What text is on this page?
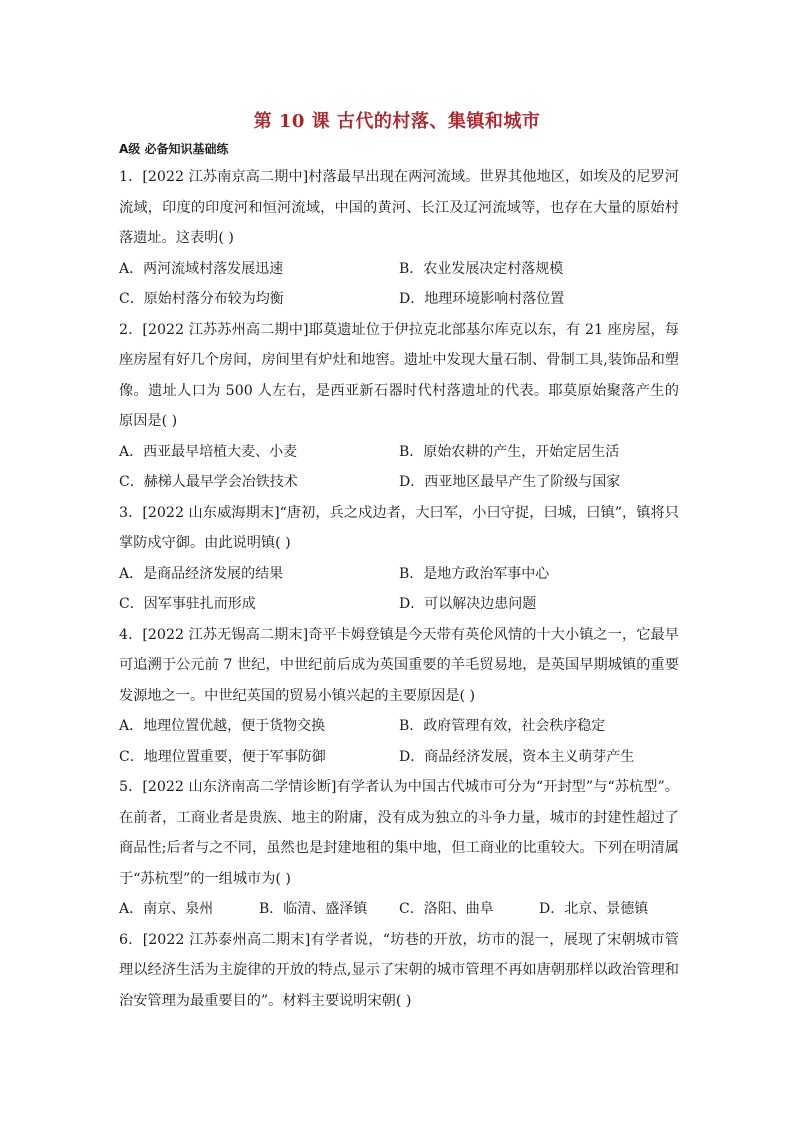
第 10 课 古代的村落、集镇和城市
A级 必备知识基础练
1．[2022 江苏南京高二期中]村落最早出现在两河流域。世界其他地区，如埃及的尼罗河流域，印度的印度河和恒河流域，中国的黄河、长江及辽河流域等，也存在大量的原始村落遗址。这表明( )
A．两河流域村落发展迅速	B．农业发展决定村落规模
C．原始村落分布较为均衡	D．地理环境影响村落位置
2．[2022 江苏苏州高二期中]耶莫遗址位于伊拉克北部基尔库克以东，有 21 座房屋，每座房屋有好几个房间，房间里有炉灶和地窖。遗址中发现大量石制、骨制工具,装饰品和塑像。遗址人口为 500 人左右，是西亚新石器时代村落遗址的代表。耶莫原始聚落产生的原因是( )
A．西亚最早培植大麦、小麦	B．原始农耕的产生，开始定居生活
C．赫梯人最早学会冶铁技术	D．西亚地区最早产生了阶级与国家
3．[2022 山东威海期末]“唐初，兵之戍边者，大曰军，小曰守捉，曰城，曰镇”，镇将只掌防戍守御。由此说明镇( )
A．是商品经济发展的结果	B．是地方政治军事中心
C．因军事驻扎而形成	D．可以解决边患问题
4．[2022 江苏无锡高二期末]奇平卡姆登镇是今天带有英伦风情的十大小镇之一，它最早可追溯于公元前 7 世纪，中世纪前后成为英国重要的羊毛贸易地，是英国早期城镇的重要发源地之一。中世纪英国的贸易小镇兴起的主要原因是( )
A．地理位置优越，便于货物交换	B．政府管理有效，社会秩序稳定
C．地理位置重要，便于军事防御	D．商品经济发展，资本主义萌芽产生
5．[2022 山东济南高二学情诊断]有学者认为中国古代城市可分为“开封型”与“苏杭型”。在前者，工商业者是贵族、地主的附庸，没有成为独立的斗争力量，城市的封建性超过了商品性;后者与之不同，虽然也是封建地租的集中地，但工商业的比重较大。下列在明清属于“苏杭型”的一组城市为( )
A．南京、泉州	B．临清、盛泽镇	C．洛阳、曲阜	D．北京、景德镇
6．[2022 江苏泰州高二期末]有学者说，“坊巷的开放，坊市的混一，展现了宋朝城市管理以经济生活为主旋律的开放的特点,显示了宋朝的城市管理不再如唐朝那样以政治管理和治安管理为最重要目的”。材料主要说明宋朝( )
